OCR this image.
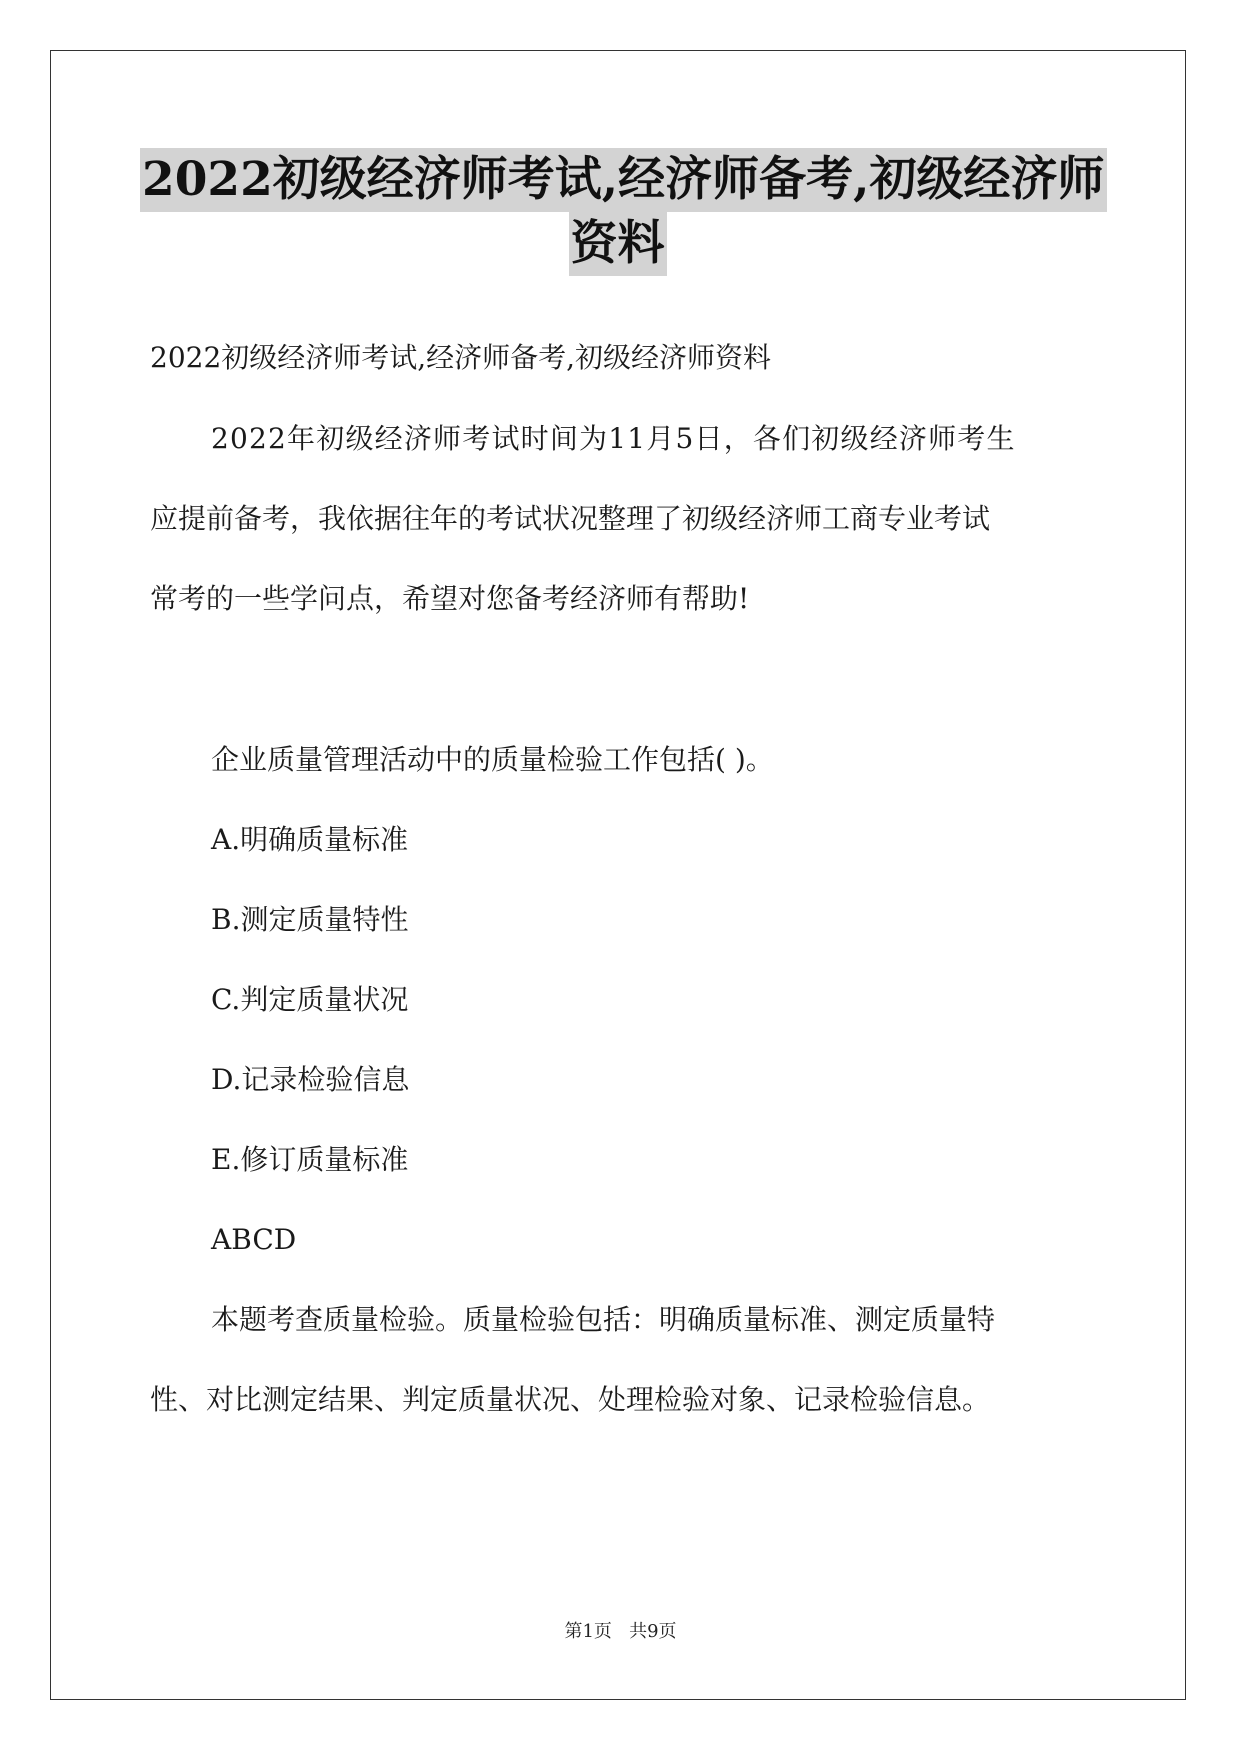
2022初级经济师考试,经济师备考,初级经济师
资料
2022初级经济师考试,经济师备考,初级经济师资料
2022年初级经济师考试时间为11月5日，各们初级经济师考生
应提前备考，我依据往年的考试状况整理了初级经济师工商专业考试
常考的一些学问点，希望对您备考经济师有帮助!
企业质量管理活动中的质量检验工作包括( )。
A.明确质量标准
B.测定质量特性
C.判定质量状况
D.记录检验信息
E.修订质量标准
ABCD
本题考查质量检验。质量检验包括：明确质量标准、测定质量特
性、对比测定结果、判定质量状况、处理检验对象、记录检验信息。
第1页   共9页
